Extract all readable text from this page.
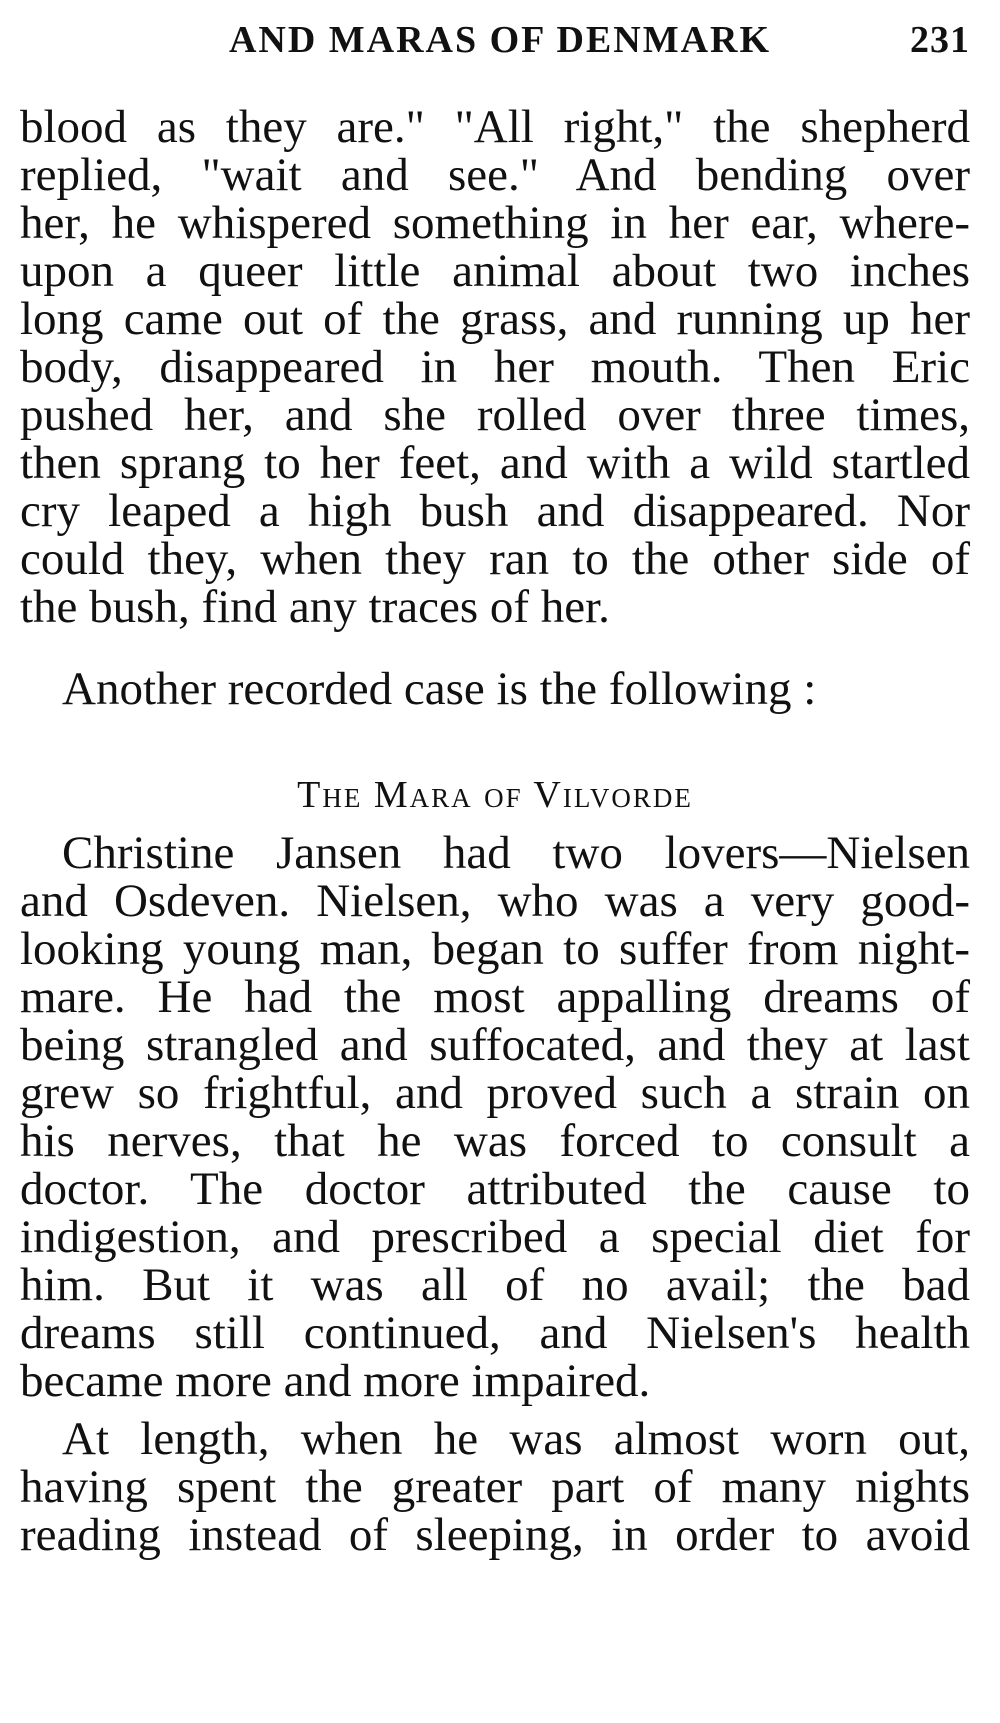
AND MARAS OF DENMARK	231
blood as they are." "All right," the shepherd
replied, "wait and see." And bending over
her, he whispered something in her ear, where-
upon a queer little animal about two inches
long came out of the grass, and running up her
body, disappeared in her mouth. Then Eric
pushed her, and she rolled over three times,
then sprang to her feet, and with a wild startled
cry leaped a high bush and disappeared. Nor
could they, when they ran to the other side of
the bush, find any traces of her.
Another recorded case is the following :
The Mara of Vilvorde
Christine Jansen had two lovers—Nielsen
and Osdeven. Nielsen, who was a very good-
looking young man, began to suffer from night-
mare. He had the most appalling dreams of
being strangled and suffocated, and they at last
grew so frightful, and proved such a strain on
his nerves, that he was forced to consult a
doctor. The doctor attributed the cause to
indigestion, and prescribed a special diet for
him. But it was all of no avail; the bad
dreams still continued, and Nielsen's health
became more and more impaired.
At length, when he was almost worn out,
having spent the greater part of many nights
reading instead of sleeping, in order to avoid
